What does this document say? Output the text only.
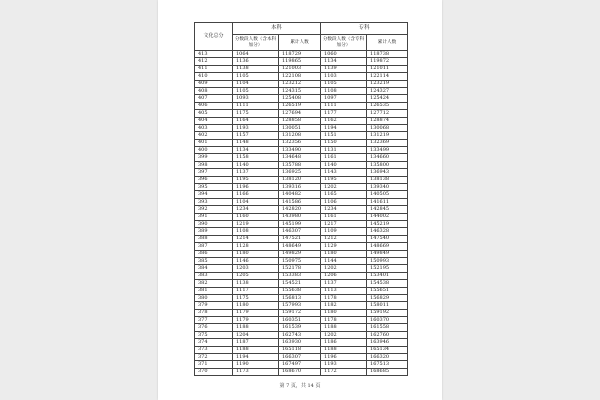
文化总分	本科		专科	
	分数段人数（含本科加分）	累计人数	分数段人数（含专科加分）	累计人数
413	1064	118729	1060	118738
412	1136	119865	1134	119872
411	1138	121003	1139	121011
410	1105	122108	1103	122114
409	1104	123212	1105	123219
408	1105	124315	1108	124327
407	1093	125408	1097	125424
406	1111	126519	1111	126535
405	1175	127694	1177	127712
404	1164	128858	1162	128874
403	1193	130051	1194	130068
402	1157	131208	1151	131219
401	1148	132356	1150	132369
400	1134	133490	1131	133499
399	1158	134648	1161	134660
398	1140	135788	1140	135800
397	1137	136925	1143	136943
396	1195	138120	1195	138138
395	1196	139316	1202	139340
394	1166	140482	1165	140505
393	1104	141586	1106	141611
392	1234	142820	1234	142845
391	1160	143980	1161	144002
390	1219	145199	1217	145219
389	1108	146307	1109	146328
388	1214	147521	1212	147540
387	1128	148649	1129	148669
386	1180	149829	1180	149849
385	1146	150975	1144	150993
384	1203	152178	1202	152195
383	1205	153383	1206	153401
382	1138	154521	1137	154538
381	1117	155638	1113	155651
380	1175	156813	1178	156829
379	1180	157993	1182	158011
378	1179	159172	1180	159192
377	1179	160351	1178	160370
376	1188	161539	1188	161558
375	1204	162743	1202	162760
374	1187	163930	1186	163946
373	1188	165118	1188	165134
372	1194	166307	1196	166320
371	1190	167497	1193	167513
370	1173	168670	1172	168685
第 7 页，共 14 页
